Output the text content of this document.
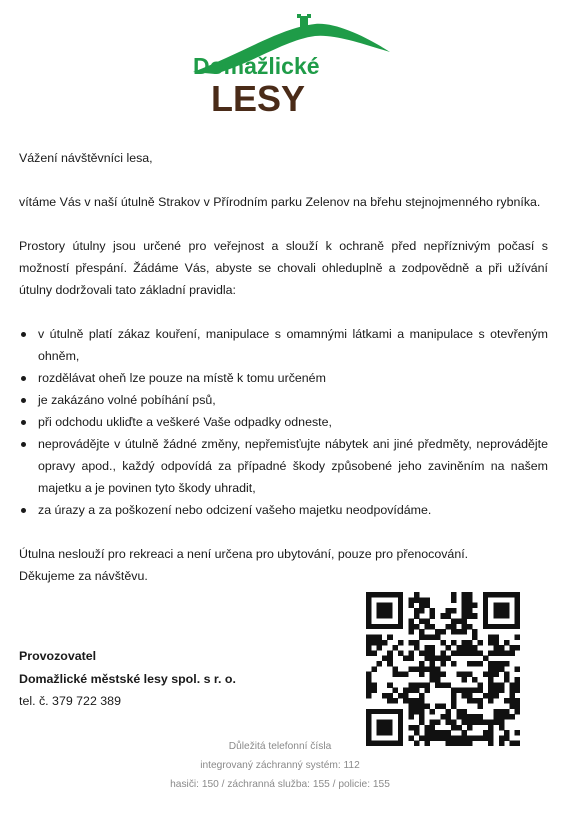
Domažlické
LESY

Vážení návštěvníci lesa,

vítáme Vás v naší útulně Strakov v Přírodním parku Zelenov na břehu stejnojmenného rybníka.

Prostory útulny jsou určené pro veřejnost a slouží k ochraně před nepříznivým počasí s možností přespání. Žádáme Vás, abyste se chovali ohleduplně a zodpovědně a při užívání útulny dodržovali tato základní pravidla:

v útulně platí zákaz kouření, manipulace s omamnými látkami a manipulace s otevřeným ohněm,
rozdělávat oheň lze pouze na místě k tomu určeném
je zakázáno volné pobíhání psů,
při odchodu ukliďte a veškeré Vaše odpadky odneste,
neprovádějte v útulně žádné změny, nepřemisťujte nábytek ani jiné předměty, neprovádějte opravy apod., každý odpovídá za případné škody způsobené jeho zaviněním na našem majetku a je povinen tyto škody uhradit,
za úrazy a za poškození nebo odcizení vašeho majetku neodpovídáme.

Útulna neslouží pro rekreaci a není určena pro ubytování, pouze pro přenocování.

Děkujeme za návštěvu.

Provozovatel
Domažlické městské lesy spol. s r. o.
tel. č. 379 722 389
Důležitá telefonní čísla
integrovaný záchranný systém: 112
hasiči: 150 / záchranná služba: 155 / policie: 155
